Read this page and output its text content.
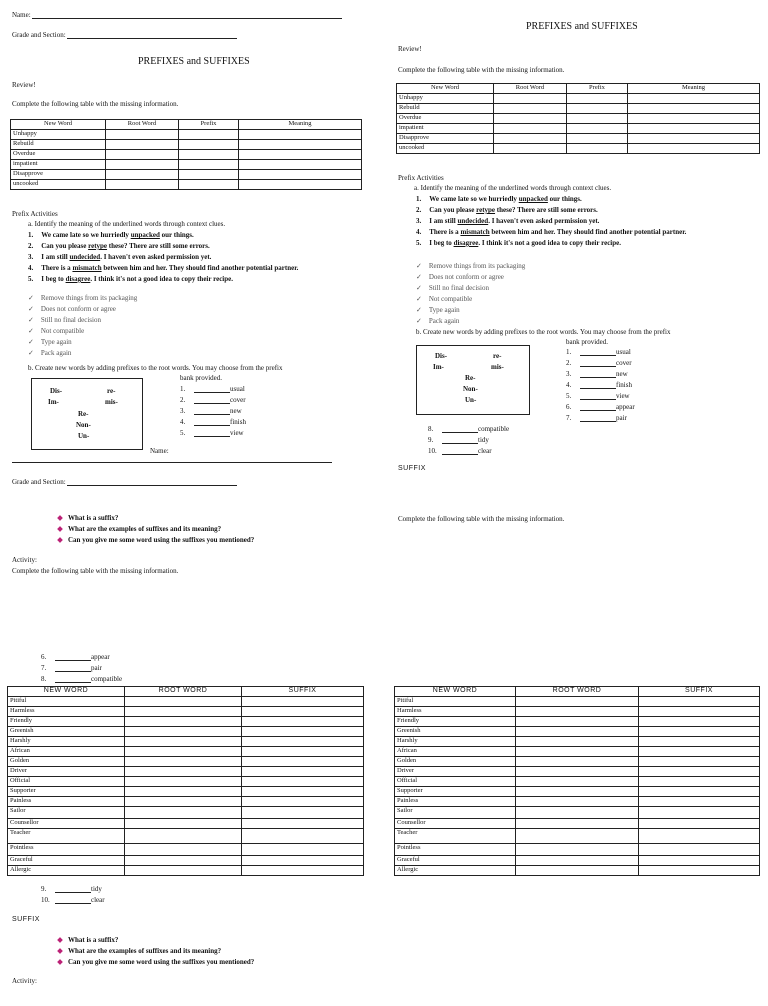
Name:
Grade and Section:
PREFIXES and SUFFIXES
Review!
Complete the following table with the missing information.
New Word	Root Word	Prefix	Meaning
Unhappy			
Rebuild			
Overdue			
impatient			
Disapprove			
uncooked			
Prefix Activities
a. Identify the meaning of the underlined words through context clues.
1. We came late so we hurriedly unpacked our things.
2. Can you please retype these? There are still some errors.
3. I am still undecided. I haven't even asked permission yet.
4. There is a mismatch between him and her. They should find another potential partner.
5. I beg to disagree. I think it's not a good idea to copy their recipe.
✓ Remove things from its packaging
✓ Does not conform or agree
✓ Still no final decision
✓ Not compatible
✓ Type again
✓ Pack again
b. Create new words by adding prefixes to the root words. You may choose from the prefix
bank provided.
Dis-	re-
Im-	mis-
Re-
Non-
Un-
1.	usual
2.	cover
3.	new
4.	finish
5.	view
Name:
Grade and Section:
What is a suffix?
What are the examples of suffixes and its meaning?
Can you give me some word using the suffixes you mentioned?
Activity:
Complete the following table with the missing information.
6.	appear
7.	pair
8.	compatible
NEW WORD	ROOT WORD	SUFFIX
Pitiful		
Harmless		
Friendly		
Greenish		
Harshly		
African		
Golden		
Driver		
Official		
Supporter		
Painless		
Sailor		
Counsellor		
Teacher		
Pointless		
Graceful		
Allergic		
9.	tidy
10.	clear
SUFFIX
What is a suffix?
What are the examples of suffixes and its meaning?
Can you give me some word using the suffixes you mentioned?
Activity:
PREFIXES and SUFFIXES
Review!
Complete the following table with the missing information.
New Word	Root Word	Prefix	Meaning
Unhappy			
Rebuild			
Overdue			
impatient			
Disapprove			
uncooked			
Prefix Activities
a. Identify the meaning of the underlined words through context clues.
1. We came late so we hurriedly unpacked our things.
2. Can you please retype these? There are still some errors.
3. I am still undecided. I haven't even asked permission yet.
4. There is a mismatch between him and her. They should find another potential partner.
5. I beg to disagree. I think it's not a good idea to copy their recipe.
✓ Remove things from its packaging
✓ Does not conform or agree
✓ Still no final decision
✓ Not compatible
✓ Type again
✓ Pack again
b. Create new words by adding prefixes to the root words. You may choose from the prefix
bank provided.
Dis-	re-
Im-	mis-
Re-
Non-
Un-
1.	usual
2.	cover
3.	new
4.	finish
5.	view
6.	appear
7.	pair
8.	compatible
9.	tidy
10.	clear
SUFFIX
Complete the following table with the missing information.
NEW WORD	ROOT WORD	SUFFIX
Pitiful		
Harmless		
Friendly		
Greenish		
Harshly		
African		
Golden		
Driver		
Official		
Supporter		
Painless		
Sailor		
Counsellor		
Teacher		
Pointless		
Graceful		
Allergic		
